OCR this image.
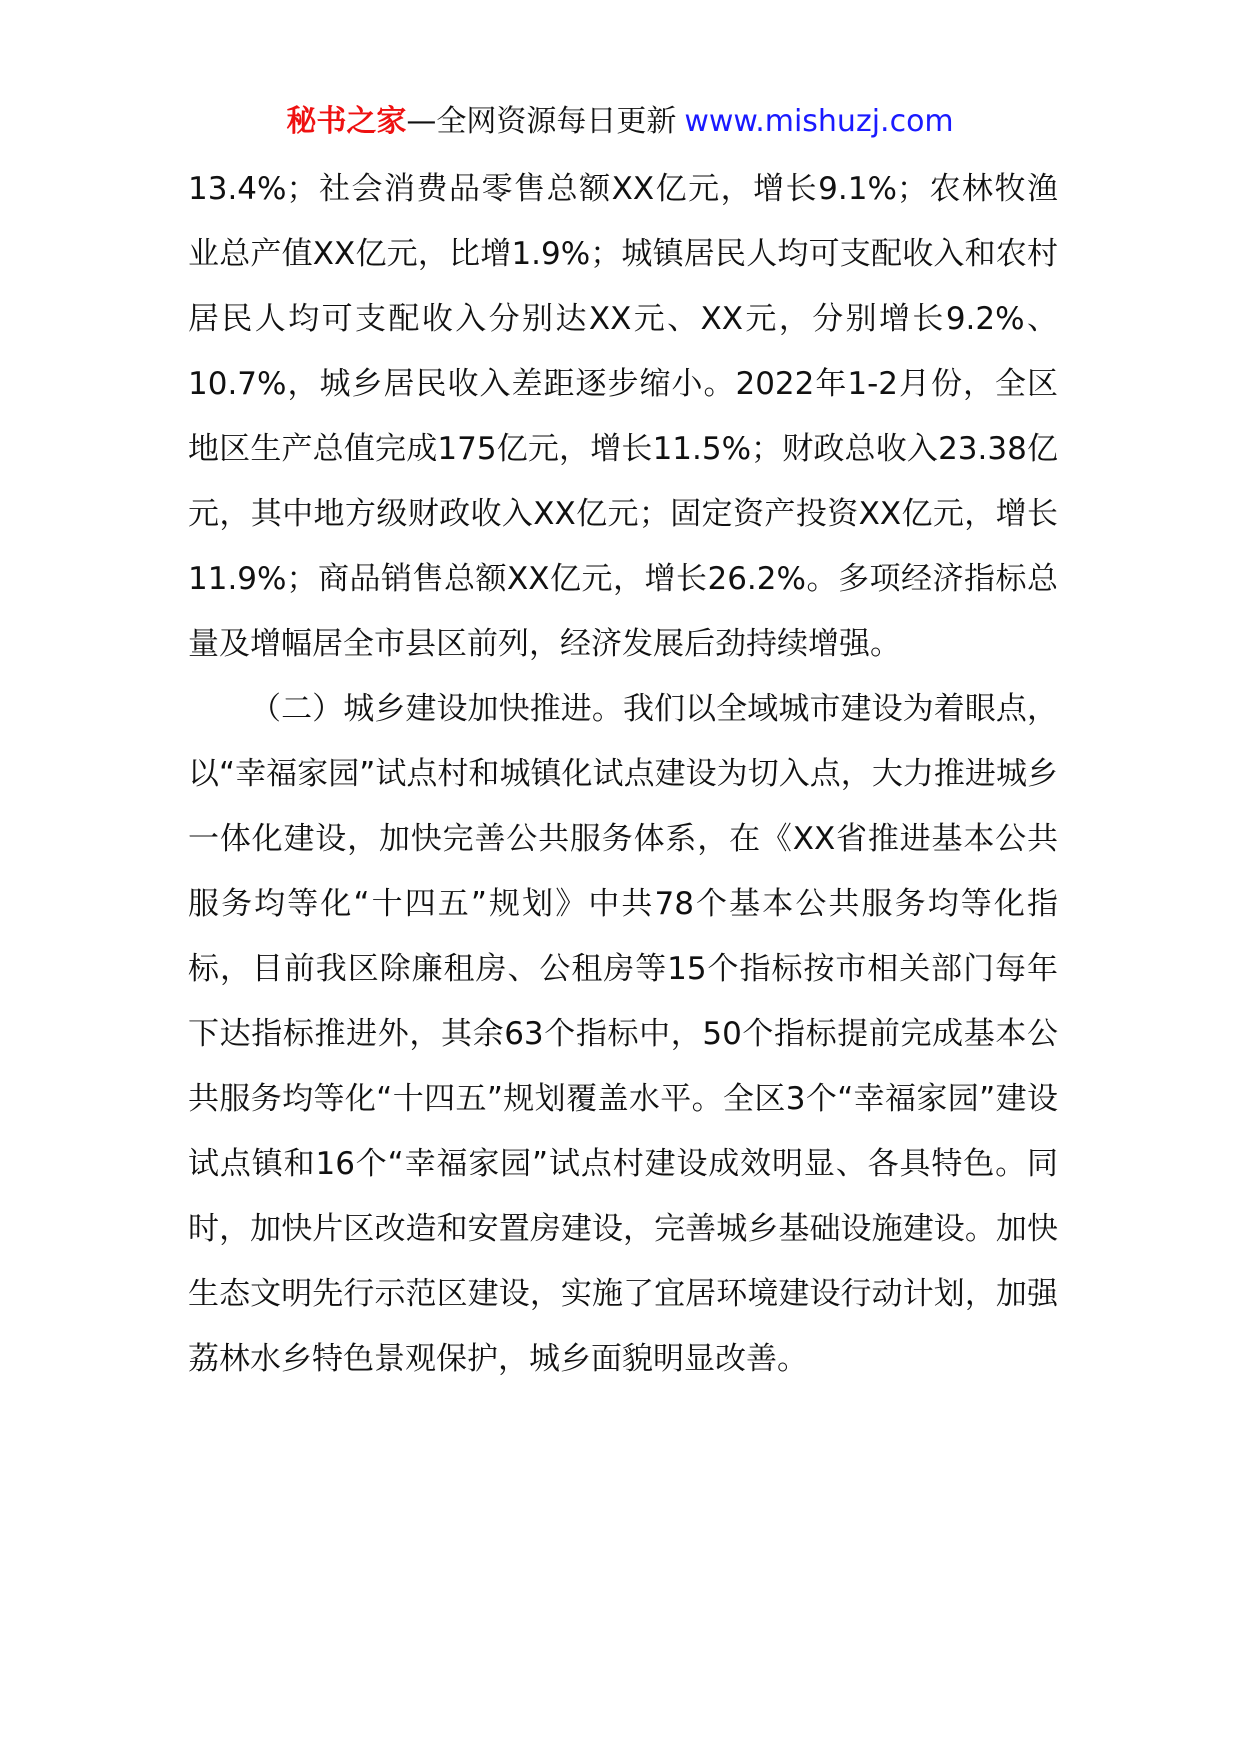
秘书之家—全网资源每日更新 www.mishuzj.com

13.4%；社会消费品零售总额XX亿元，增长9.1%；农林牧渔业总产值XX亿元，比增1.9%；城镇居民人均可支配收入和农村居民人均可支配收入分别达XX元、XX元，分别增长9.2%、10.7%，城乡居民收入差距逐步缩小。2022年1-2月份，全区地区生产总值完成175亿元，增长11.5%；财政总收入23.38亿元，其中地方级财政收入XX亿元；固定资产投资XX亿元，增长11.9%；商品销售总额XX亿元，增长26.2%。多项经济指标总量及增幅居全市县区前列，经济发展后劲持续增强。

（二）城乡建设加快推进。我们以全域城市建设为着眼点，以“幸福家园”试点村和城镇化试点建设为切入点，大力推进城乡一体化建设，加快完善公共服务体系，在《XX省推进基本公共服务均等化“十四五”规划》中共78个基本公共服务均等化指标，目前我区除廉租房、公租房等15个指标按市相关部门每年下达指标推进外，其余63个指标中，50个指标提前完成基本公共服务均等化“十四五”规划覆盖水平。全区3个“幸福家园”建设试点镇和16个“幸福家园”试点村建设成效明显、各具特色。同时，加快片区改造和安置房建设，完善城乡基础设施建设。加快生态文明先行示范区建设，实施了宜居环境建设行动计划，加强荔林水乡特色景观保护，城乡面貌明显改善。
